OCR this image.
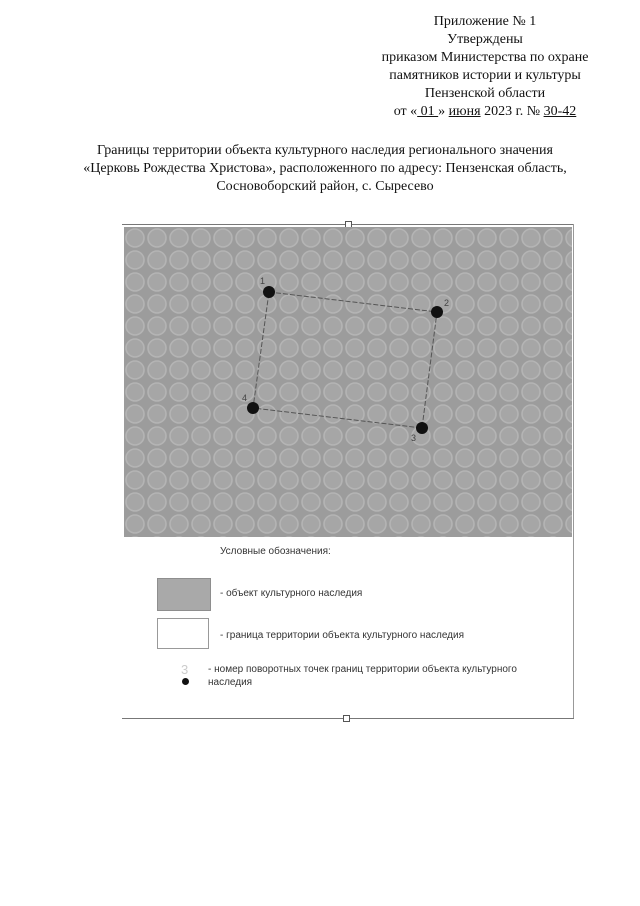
Приложение № 1
Утверждены
приказом Министерства по охране
памятников истории и культуры
Пензенской области
от « 01 » июня 2023 г. № 30-42
Границы территории объекта культурного наследия регионального значения
«Церковь Рождества Христова», расположенного по адресу: Пензенская область,
Сосновоборский район, с. Сыресево
1
2
3
4
Условные обозначения:
- объект культурного наследия
- граница территории объекта культурного наследия
3 - номер поворотных точек границ территории объекта культурного наследия
